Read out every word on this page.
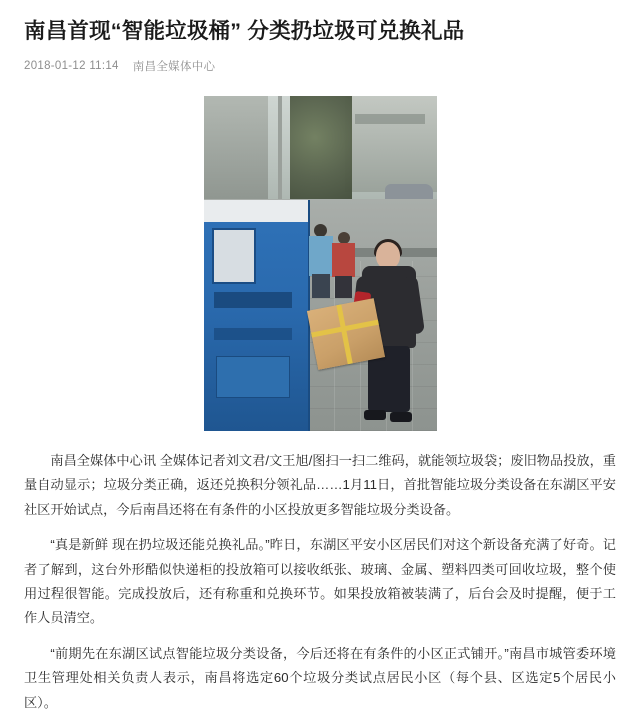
南昌首现“智能垃圾桶” 分类扔垃圾可兑换礼品
2018-01-12 11:14 南昌全媒体中心

南昌全媒体中心讯 全媒体记者刘文君/文王旭/图扫一扫二维码，就能领垃圾袋；废旧物品投放，重量自动显示；垃圾分类正确，返还兑换积分领礼品……1月11日，首批智能垃圾分类设备在东湖区平安社区开始试点，今后南昌还将在有条件的小区投放更多智能垃圾分类设备。

“真是新鲜 现在扔垃圾还能兑换礼品。”昨日，东湖区平安小区居民们对这个新设备充满了好奇。记者了解到，这台外形酷似快递柜的投放箱可以接收纸张、玻璃、金属、塑料四类可回收垃圾，整个使用过程很智能。完成投放后，还有称重和兑换环节。如果投放箱被装满了，后台会及时提醒，便于工作人员清空。

“前期先在东湖区试点智能垃圾分类设备，今后还将在有条件的小区正式铺开。”南昌市城管委环境卫生管理处相关负责人表示，南昌将选定60个垃圾分类试点居民小区（每个县、区选定5个居民小区）。
